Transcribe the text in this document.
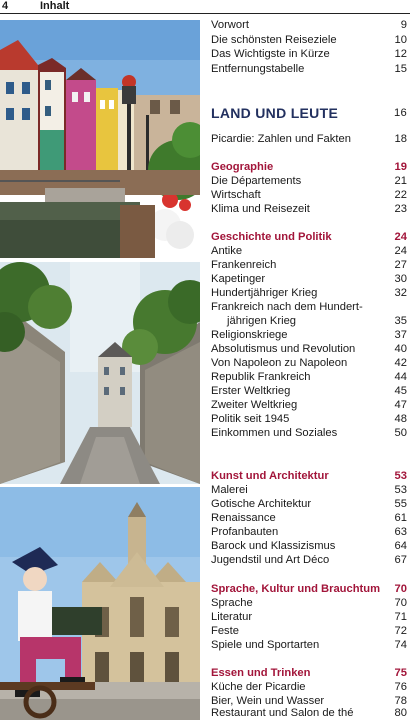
4	Inhalt
Vorwort	9
Die schönsten Reiseziele	10
Das Wichtigste in Kürze	12
Entfernungstabelle	15
LAND UND LEUTE	16
Picardie: Zahlen und Fakten	18
Geographie	19
Die Départements	21
Wirtschaft	22
Klima und Reisezeit	23
Geschichte und Politik	24
Antike	24
Frankenreich	27
Kapetinger	30
Hundertjähriger Krieg	32
Frankreich nach dem Hundert-
jährigen Krieg	35
Religionskriege	37
Absolutismus und Revolution	40
Von Napoleon zu Napoleon	42
Republik Frankreich	44
Erster Weltkrieg	45
Zweiter Weltkrieg	47
Politik seit 1945	48
Einkommen und Soziales	50
Kunst und Architektur	53
Malerei	53
Gotische Architektur	55
Renaissance	61
Profanbauten	63
Barock und Klassizismus	64
Jugendstil und Art Déco	67
Sprache, Kultur und Brauchtum 70
Sprache	70
Literatur	71
Feste	72
Spiele und Sportarten	74
Essen und Trinken	75
Küche der Picardie	76
Bier, Wein und Wasser	78
Restaurant und Salon de thé	80
